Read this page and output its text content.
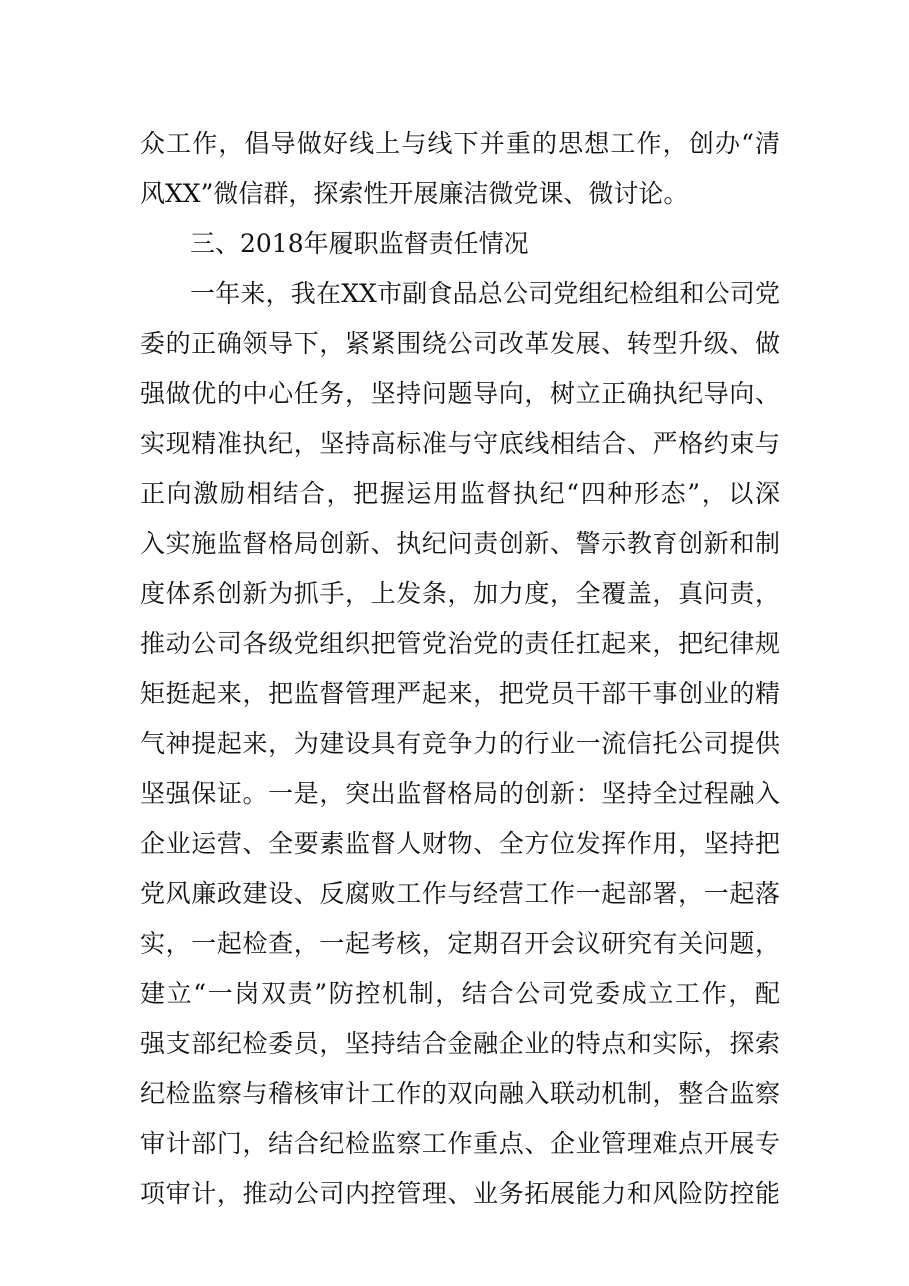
众工作，倡导做好线上与线下并重的思想工作，创办“清
风XX”微信群，探索性开展廉洁微党课、微讨论。
三、2018年履职监督责任情况
一年来，我在XX市副食品总公司党组纪检组和公司党
委的正确领导下，紧紧围绕公司改革发展、转型升级、做
强做优的中心任务，坚持问题导向，树立正确执纪导向、
实现精准执纪，坚持高标准与守底线相结合、严格约束与
正向激励相结合，把握运用监督执纪“四种形态”，以深
入实施监督格局创新、执纪问责创新、警示教育创新和制
度体系创新为抓手，上发条，加力度，全覆盖，真问责，
推动公司各级党组织把管党治党的责任扛起来，把纪律规
矩挺起来，把监督管理严起来，把党员干部干事创业的精
气神提起来，为建设具有竞争力的行业一流信托公司提供
坚强保证。一是，突出监督格局的创新：坚持全过程融入
企业运营、全要素监督人财物、全方位发挥作用，坚持把
党风廉政建设、反腐败工作与经营工作一起部署，一起落
实，一起检查，一起考核，定期召开会议研究有关问题，
建立“一岗双责”防控机制，结合公司党委成立工作，配
强支部纪检委员，坚持结合金融企业的特点和实际，探索
纪检监察与稽核审计工作的双向融入联动机制，整合监察
审计部门，结合纪检监察工作重点、企业管理难点开展专
项审计，推动公司内控管理、业务拓展能力和风险防控能
